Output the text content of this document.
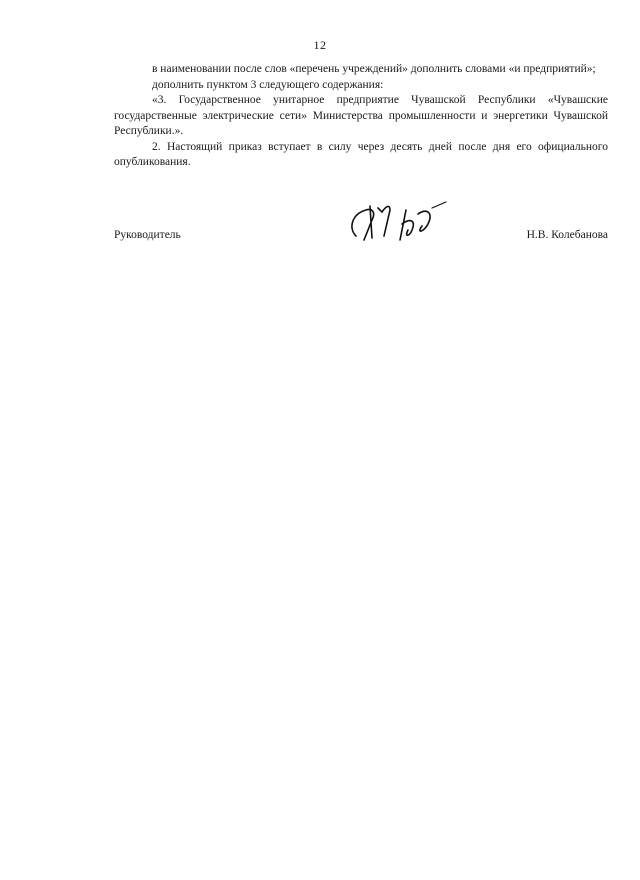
12

в наименовании после слов «перечень учреждений» дополнить словами «и предприятий»;

дополнить пунктом 3 следующего содержания:

«3. Государственное унитарное предприятие Чувашской Республики «Чувашские государственные электрические сети» Министерства промышленности и энергетики Чувашской Республики.».

2. Настоящий приказ вступает в силу через десять дней после дня его официального опубликования.

Руководитель	Н.В. Колебанова
